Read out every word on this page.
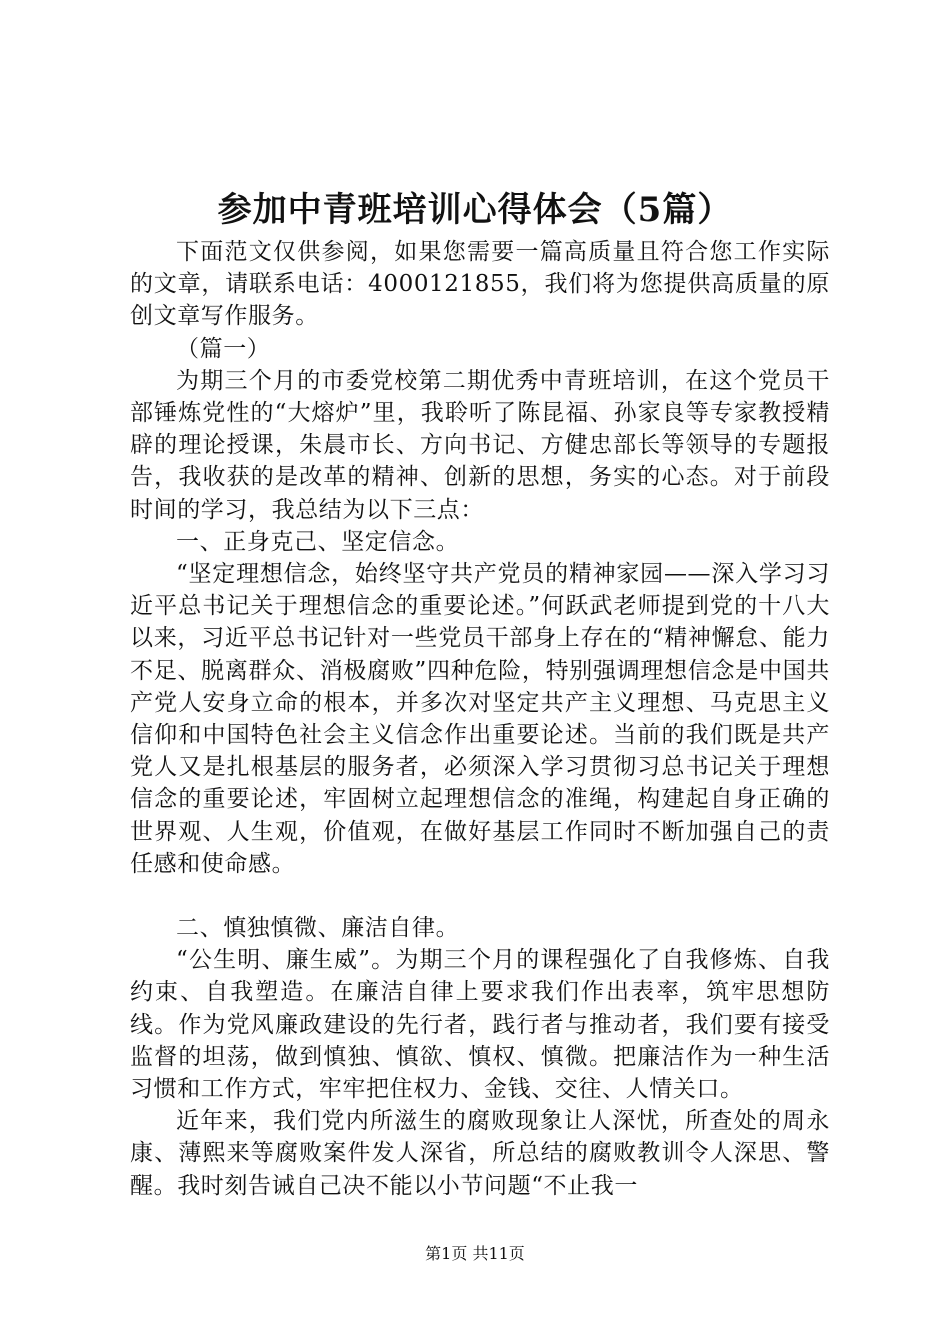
参加中青班培训心得体会（5篇）

下面范文仅供参阅，如果您需要一篇高质量且符合您工作实际的文章，请联系电话：4000121855，我们将为您提供高质量的原创文章写作服务。

（篇一）

为期三个月的市委党校第二期优秀中青班培训，在这个党员干部锤炼党性的“大熔炉”里，我聆听了陈昆福、孙家良等专家教授精辟的理论授课，朱晨市长、方向书记、方健忠部长等领导的专题报告，我收获的是改革的精神、创新的思想，务实的心态。对于前段时间的学习，我总结为以下三点：

一、正身克己、坚定信念。

“坚定理想信念，始终坚守共产党员的精神家园——深入学习习近平总书记关于理想信念的重要论述。”何跃武老师提到党的十八大以来，习近平总书记针对一些党员干部身上存在的“精神懈怠、能力不足、脱离群众、消极腐败”四种危险，特别强调理想信念是中国共产党人安身立命的根本，并多次对坚定共产主义理想、马克思主义信仰和中国特色社会主义信念作出重要论述。当前的我们既是共产党人又是扎根基层的服务者，必须深入学习贯彻习总书记关于理想信念的重要论述，牢固树立起理想信念的准绳，构建起自身正确的世界观、人生观，价值观，在做好基层工作同时不断加强自己的责任感和使命感。

二、慎独慎微、廉洁自律。

“公生明、廉生威”。为期三个月的课程强化了自我修炼、自我约束、自我塑造。在廉洁自律上要求我们作出表率，筑牢思想防线。作为党风廉政建设的先行者，践行者与推动者，我们要有接受监督的坦荡，做到慎独、慎欲、慎权、慎微。把廉洁作为一种生活习惯和工作方式，牢牢把住权力、金钱、交往、人情关口。

近年来，我们党内所滋生的腐败现象让人深忧，所查处的周永康、薄熙来等腐败案件发人深省，所总结的腐败教训令人深思、警醒。我时刻告诫自己决不能以小节问题“不止我一

第1页 共11页
